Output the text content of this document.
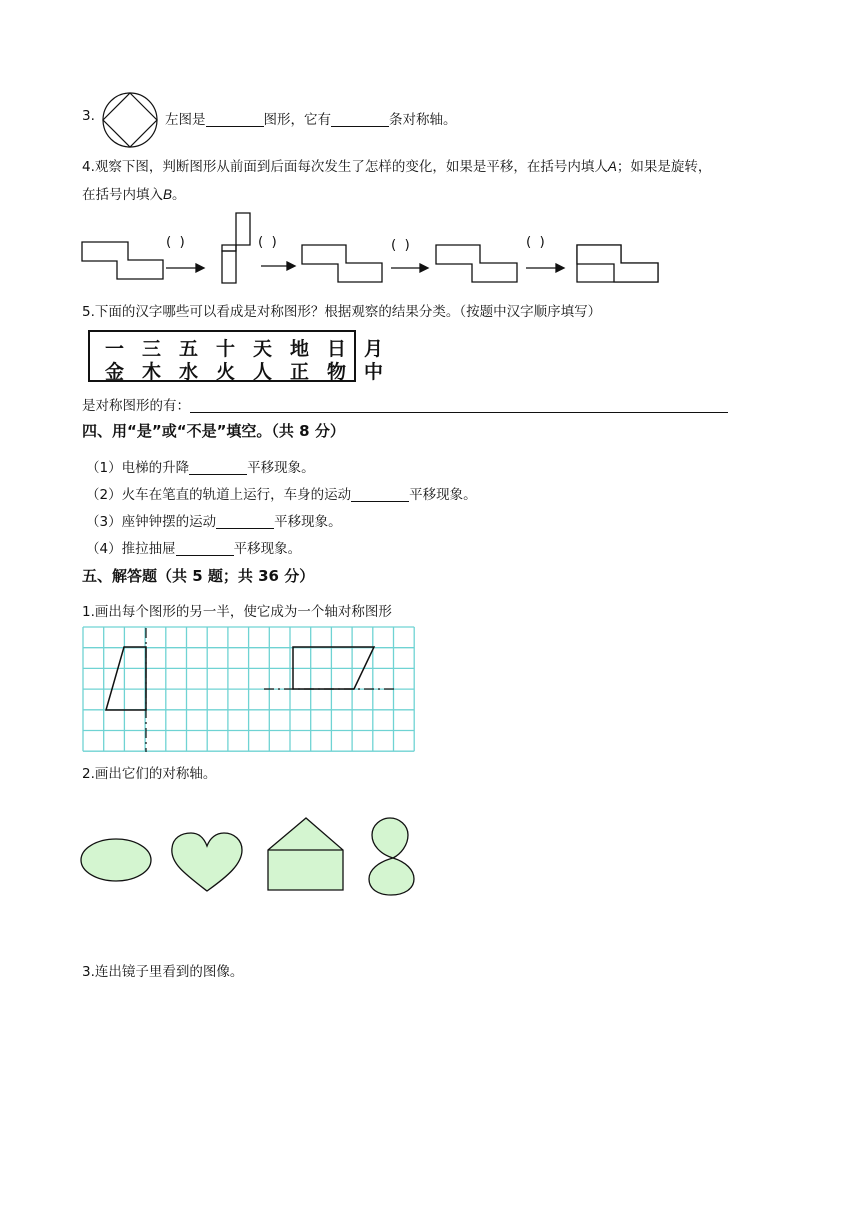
3.	左图是	图形，它有	条对称轴。
4.观察下图，判断图形从前面到后面每次发生了怎样的变化，如果是平移，在括号内填人A；如果是旋转，
在括号内填入B。
( )	( )	( )	( )
5.下面的汉字哪些可以看成是对称图形？根据观察的结果分类。（按题中汉字顺序填写）
一 三 五 十 天 地 日 月
金 木 水 火 人 正 物 中
是对称图形的有：
四、用“是”或“不是”填空。（共 8 分）
（1）电梯的升降	平移现象。
（2）火车在笔直的轨道上运行，车身的运动	平移现象。
（3）座钟钟摆的运动	平移现象。
（4）推拉抽屉	平移现象。
五、解答题（共 5 题；共 36 分）
1.画出每个图形的另一半，使它成为一个轴对称图形
2.画出它们的对称轴。
3.连出镜子里看到的图像。
